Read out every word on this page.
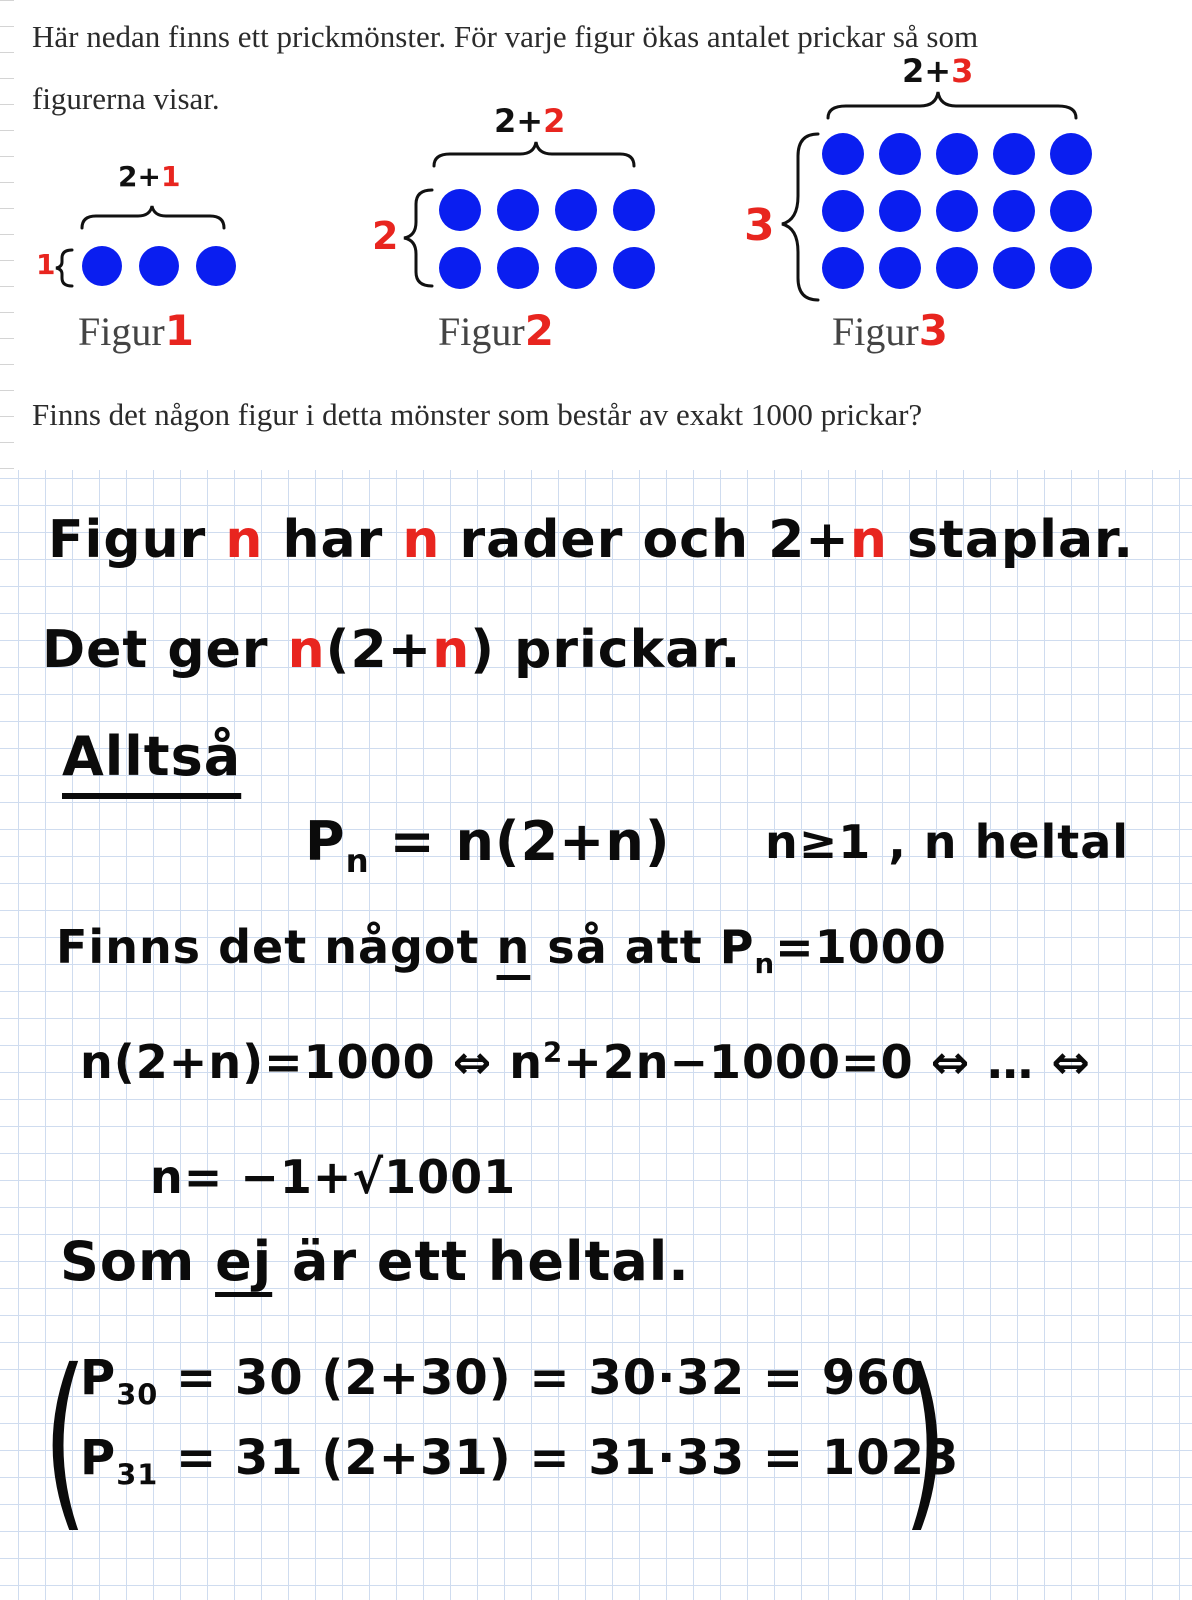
Här nedan finns ett prickmönster. För varje figur ökas antalet prickar så som
figurerna visar.

2+1
2+2
2+3
1
2	3
Figur1	Figur2	Figur3

Finns det någon figur i detta mönster som består av exakt 1000 prickar?

Figur n har n rader och 2+n staplar.
Det ger n(2+n) prickar.
Alltså
$P_n = n(2+n)$ n≥1 , n heltal
Finns det något n så att $P_n=1000$
n(2+n)=1000 ⇔ $n^2+2n-1000=0$ ⇔ … ⇔
n= −1+√1001
Som ej är ett heltal.
(
$P_{30} = 30$ (2+30) = 30·32 = 960
$P_{31} = 31$ (2+31) = 31·33 = 1023
)
